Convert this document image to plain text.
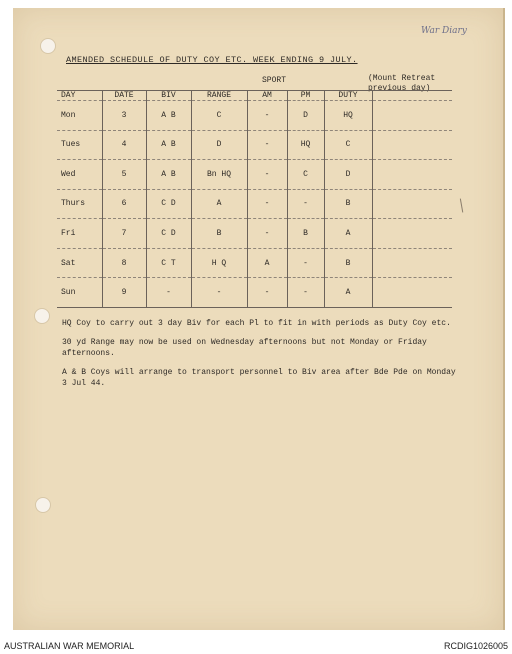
War Diary
AMENDED SCHEDULE OF DUTY COY ETC. WEEK ENDING 9 JULY.
SPORT	(Mount Retreat
previous day)
DAY	DATE	BIV	RANGE	AM	PM	DUTY	
Mon	3	A B	C	-	D	HQ	
Tues	4	A B	D	-	HQ	C	
Wed	5	A B	Bn HQ	-	C	D	
Thurs	6	C D	A	-	-	B	
Fri	7	C D	B	-	B	A	
Sat	8	C T	H Q	A	-	B	
Sun	9	-	-	-	-	A	

HQ Coy to carry out 3 day Biv for each Pl to fit in with periods as Duty Coy etc.

30 yd Range may now be used on Wednesday afternoons but not Monday or Friday afternoons.

A & B Coys will arrange to transport personnel to Biv area after Bde Pde on Monday 3 Jul 44.

AUSTRALIAN WAR MEMORIAL	RCDIG1026005
